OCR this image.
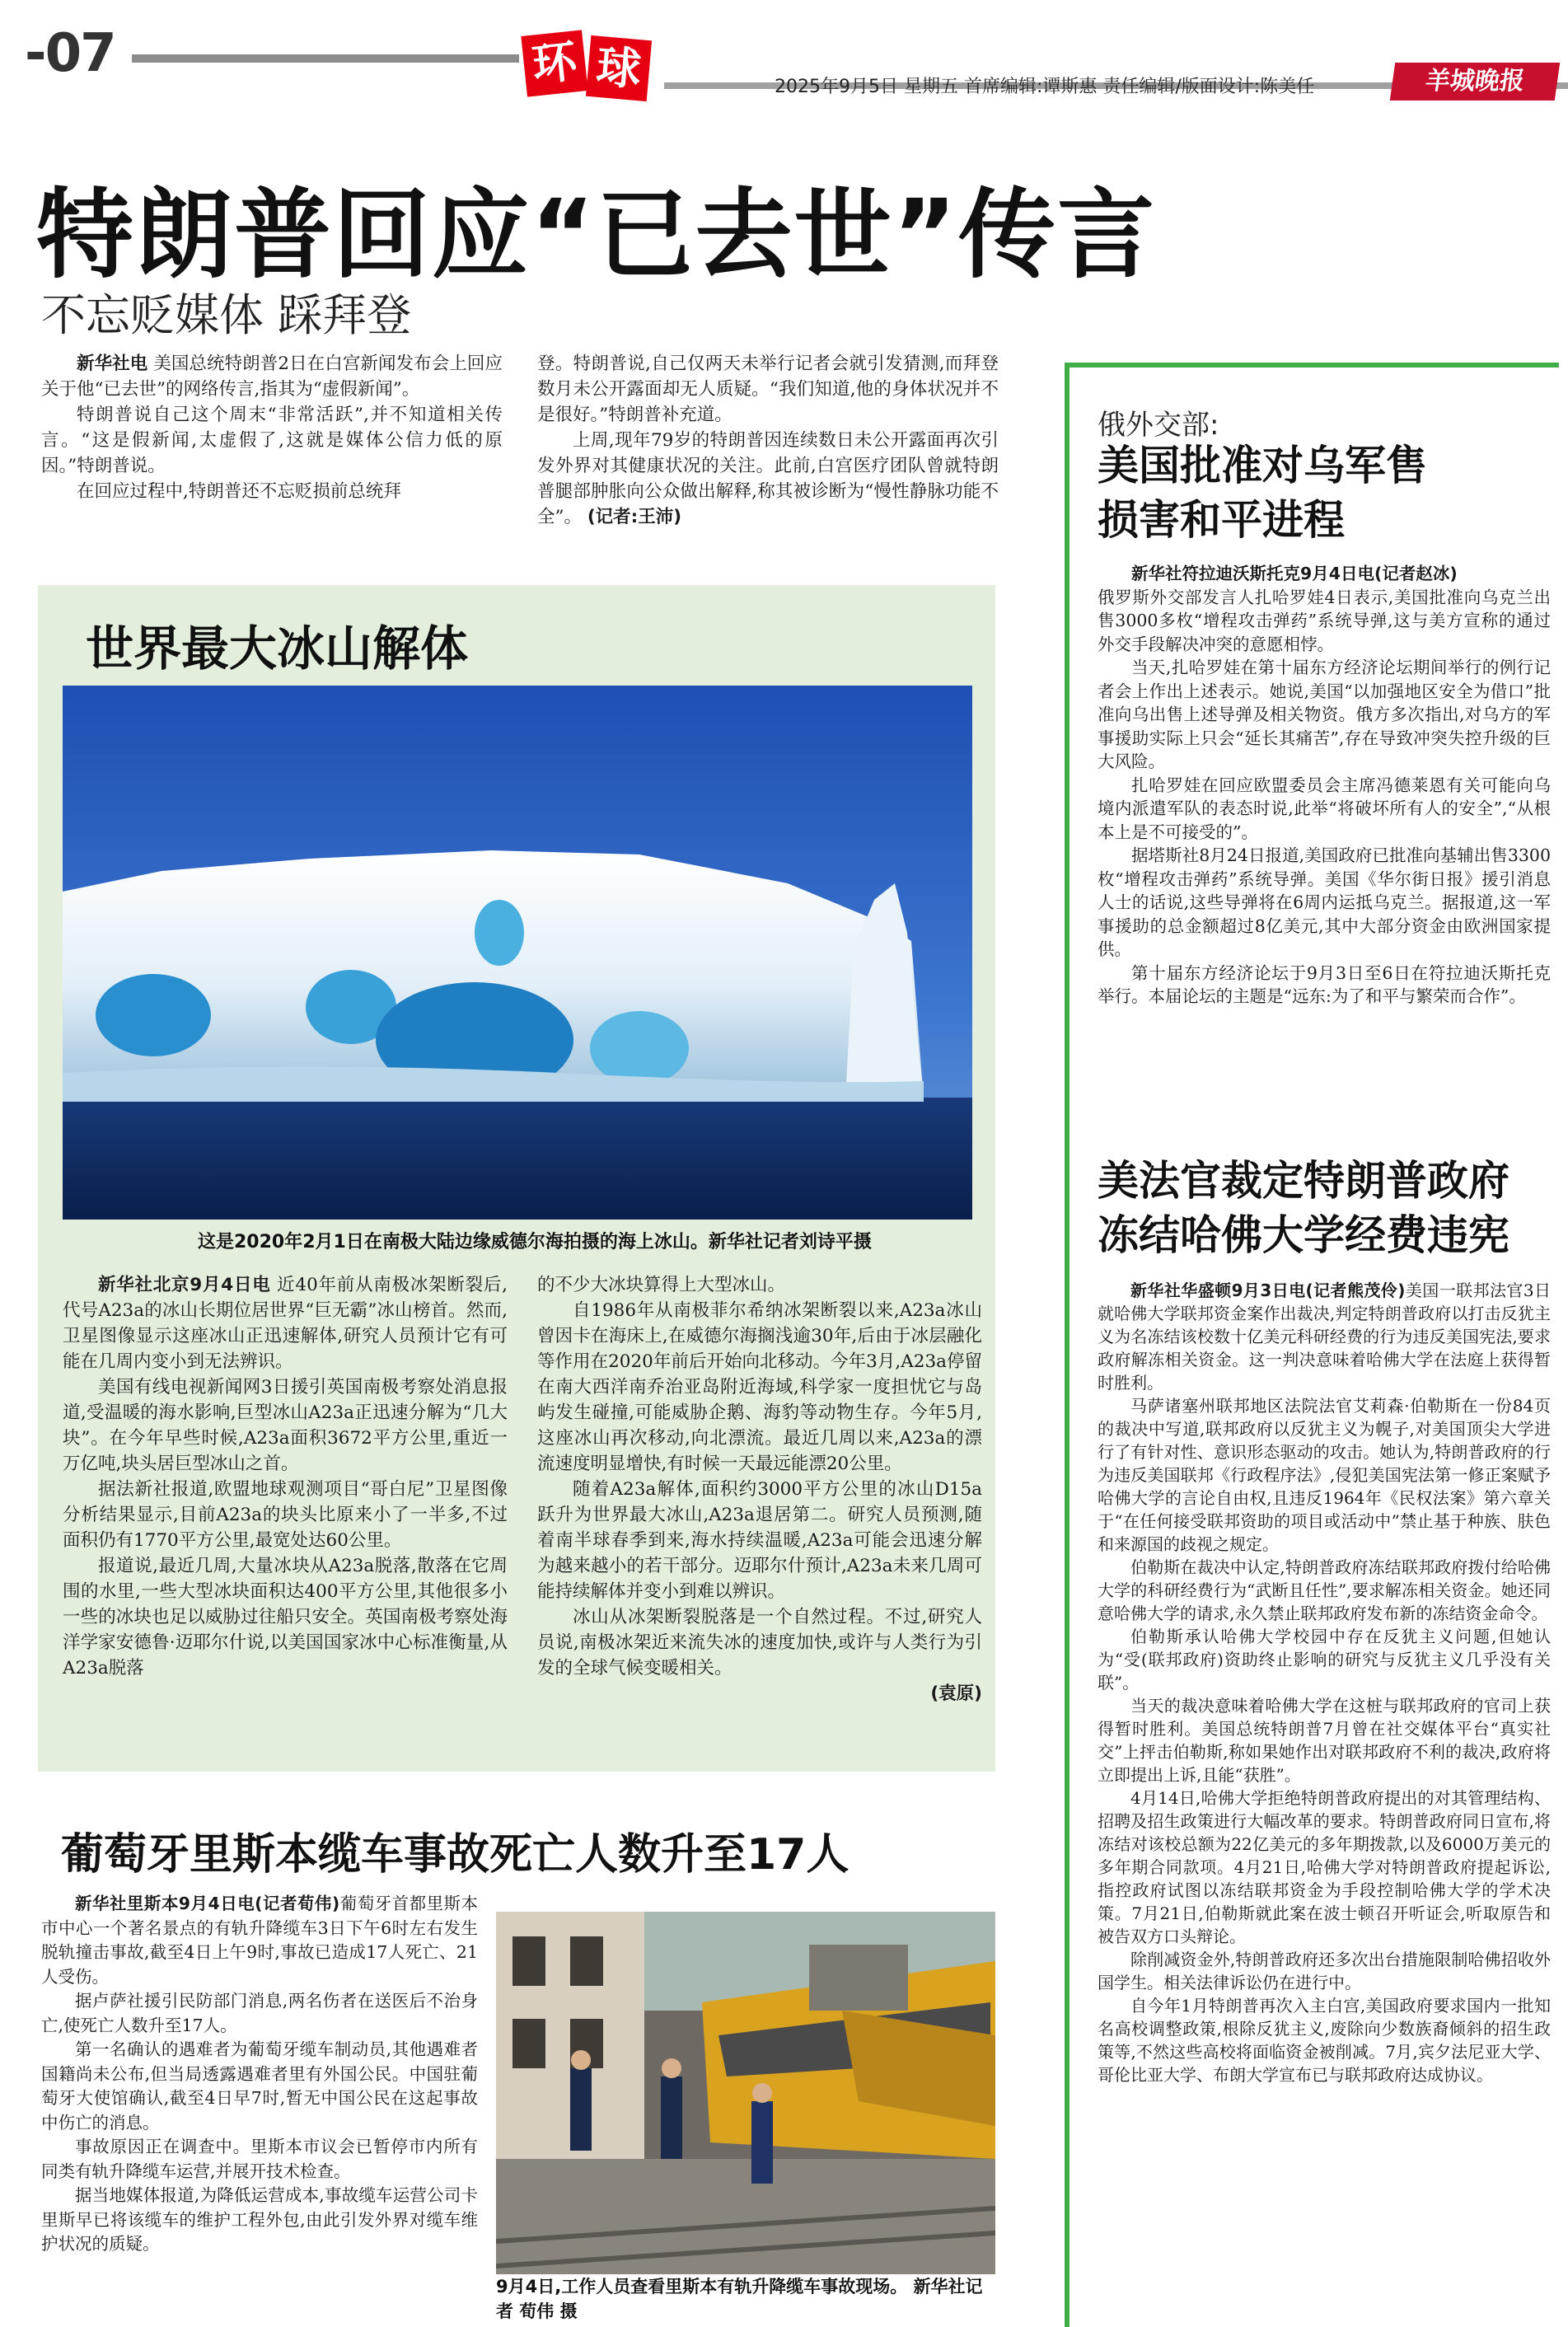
-07	环 球	2025年9月5日 星期五 首席编辑:谭斯惠 责任编辑/版面设计:陈美任	羊城晚报
特朗普回应“已去世”传言
不忘贬媒体 踩拜登

新华社电 美国总统特朗普2日在白宫新闻发布会上回应关于他“已去世”的网络传言,指其为“虚假新闻”。

特朗普说自己这个周末“非常活跃”,并不知道相关传言。“这是假新闻,太虚假了,这就是媒体公信力低的原因。”特朗普说。

在回应过程中,特朗普还不忘贬损前总统拜

登。特朗普说,自己仅两天未举行记者会就引发猜测,而拜登数月未公开露面却无人质疑。“我们知道,他的身体状况并不是很好。”特朗普补充道。

上周,现年79岁的特朗普因连续数日未公开露面再次引发外界对其健康状况的关注。此前,白宫医疗团队曾就特朗普腿部肿胀向公众做出解释,称其被诊断为“慢性静脉功能不全”。 (记者:王沛)

世界最大冰山解体
这是2020年2月1日在南极大陆边缘威德尔海拍摄的海上冰山。新华社记者刘诗平摄

新华社北京9月4日电 近40年前从南极冰架断裂后,代号A23a的冰山长期位居世界“巨无霸”冰山榜首。然而,卫星图像显示这座冰山正迅速解体,研究人员预计它有可能在几周内变小到无法辨识。

美国有线电视新闻网3日援引英国南极考察处消息报道,受温暖的海水影响,巨型冰山A23a正迅速分解为“几大块”。在今年早些时候,A23a面积3672平方公里,重近一万亿吨,块头居巨型冰山之首。

据法新社报道,欧盟地球观测项目“哥白尼”卫星图像分析结果显示,目前A23a的块头比原来小了一半多,不过面积仍有1770平方公里,最宽处达60公里。

报道说,最近几周,大量冰块从A23a脱落,散落在它周围的水里,一些大型冰块面积达400平方公里,其他很多小一些的冰块也足以威胁过往船只安全。英国南极考察处海洋学家安德鲁·迈耶尔什说,以美国国家冰中心标准衡量,从A23a脱落

的不少大冰块算得上大型冰山。

自1986年从南极菲尔希纳冰架断裂以来,A23a冰山曾因卡在海床上,在威德尔海搁浅逾30年,后由于冰层融化等作用在2020年前后开始向北移动。今年3月,A23a停留在南大西洋南乔治亚岛附近海域,科学家一度担忧它与岛屿发生碰撞,可能威胁企鹅、海豹等动物生存。今年5月,这座冰山再次移动,向北漂流。最近几周以来,A23a的漂流速度明显增快,有时候一天最远能漂20公里。

随着A23a解体,面积约3000平方公里的冰山D15a跃升为世界最大冰山,A23a退居第二。研究人员预测,随着南半球春季到来,海水持续温暖,A23a可能会迅速分解为越来越小的若干部分。迈耶尔什预计,A23a未来几周可能持续解体并变小到难以辨识。

冰山从冰架断裂脱落是一个自然过程。不过,研究人员说,南极冰架近来流失冰的速度加快,或许与人类行为引发的全球气候变暖相关。

(袁原)

葡萄牙里斯本缆车事故死亡人数升至17人

新华社里斯本9月4日电(记者荀伟)葡萄牙首都里斯本市中心一个著名景点的有轨升降缆车3日下午6时左右发生脱轨撞击事故,截至4日上午9时,事故已造成17人死亡、21人受伤。

据卢萨社援引民防部门消息,两名伤者在送医后不治身亡,使死亡人数升至17人。

第一名确认的遇难者为葡萄牙缆车制动员,其他遇难者国籍尚未公布,但当局透露遇难者里有外国公民。中国驻葡萄牙大使馆确认,截至4日早7时,暂无中国公民在这起事故中伤亡的消息。

事故原因正在调查中。里斯本市议会已暂停市内所有同类有轨升降缆车运营,并展开技术检查。

据当地媒体报道,为降低运营成本,事故缆车运营公司卡里斯早已将该缆车的维护工程外包,由此引发外界对缆车维护状况的质疑。

9月4日,工作人员查看里斯本有轨升降缆车事故现场。 新华社记者 荀伟 摄
俄外交部:
美国批准对乌军售
损害和平进程

新华社符拉迪沃斯托克9月4日电(记者赵冰)

俄罗斯外交部发言人扎哈罗娃4日表示,美国批准向乌克兰出售3000多枚“增程攻击弹药”系统导弹,这与美方宣称的通过外交手段解决冲突的意愿相悖。

当天,扎哈罗娃在第十届东方经济论坛期间举行的例行记者会上作出上述表示。她说,美国“以加强地区安全为借口”批准向乌出售上述导弹及相关物资。俄方多次指出,对乌方的军事援助实际上只会“延长其痛苦”,存在导致冲突失控升级的巨大风险。

扎哈罗娃在回应欧盟委员会主席冯德莱恩有关可能向乌境内派遣军队的表态时说,此举“将破坏所有人的安全”,“从根本上是不可接受的”。

据塔斯社8月24日报道,美国政府已批准向基辅出售3300枚“增程攻击弹药”系统导弹。美国《华尔街日报》援引消息人士的话说,这些导弹将在6周内运抵乌克兰。据报道,这一军事援助的总金额超过8亿美元,其中大部分资金由欧洲国家提供。

第十届东方经济论坛于9月3日至6日在符拉迪沃斯托克举行。本届论坛的主题是“远东:为了和平与繁荣而合作”。

美法官裁定特朗普政府
冻结哈佛大学经费违宪

新华社华盛顿9月3日电(记者熊茂伶)美国一联邦法官3日就哈佛大学联邦资金案作出裁决,判定特朗普政府以打击反犹主义为名冻结该校数十亿美元科研经费的行为违反美国宪法,要求政府解冻相关资金。这一判决意味着哈佛大学在法庭上获得暂时胜利。

马萨诸塞州联邦地区法院法官艾莉森·伯勒斯在一份84页的裁决中写道,联邦政府以反犹主义为幌子,对美国顶尖大学进行了有针对性、意识形态驱动的攻击。她认为,特朗普政府的行为违反美国联邦《行政程序法》,侵犯美国宪法第一修正案赋予哈佛大学的言论自由权,且违反1964年《民权法案》第六章关于“在任何接受联邦资助的项目或活动中”禁止基于种族、肤色和来源国的歧视之规定。

伯勒斯在裁决中认定,特朗普政府冻结联邦政府拨付给哈佛大学的科研经费行为“武断且任性”,要求解冻相关资金。她还同意哈佛大学的请求,永久禁止联邦政府发布新的冻结资金命令。

伯勒斯承认哈佛大学校园中存在反犹主义问题,但她认为“受(联邦政府)资助终止影响的研究与反犹主义几乎没有关联”。

当天的裁决意味着哈佛大学在这桩与联邦政府的官司上获得暂时胜利。美国总统特朗普7月曾在社交媒体平台“真实社交”上抨击伯勒斯,称如果她作出对联邦政府不利的裁决,政府将立即提出上诉,且能“获胜”。

4月14日,哈佛大学拒绝特朗普政府提出的对其管理结构、招聘及招生政策进行大幅改革的要求。特朗普政府同日宣布,将冻结对该校总额为22亿美元的多年期拨款,以及6000万美元的多年期合同款项。4月21日,哈佛大学对特朗普政府提起诉讼,指控政府试图以冻结联邦资金为手段控制哈佛大学的学术决策。7月21日,伯勒斯就此案在波士顿召开听证会,听取原告和被告双方口头辩论。

除削减资金外,特朗普政府还多次出台措施限制哈佛招收外国学生。相关法律诉讼仍在进行中。

自今年1月特朗普再次入主白宫,美国政府要求国内一批知名高校调整政策,根除反犹主义,废除向少数族裔倾斜的招生政策等,不然这些高校将面临资金被削减。7月,宾夕法尼亚大学、哥伦比亚大学、布朗大学宣布已与联邦政府达成协议。
